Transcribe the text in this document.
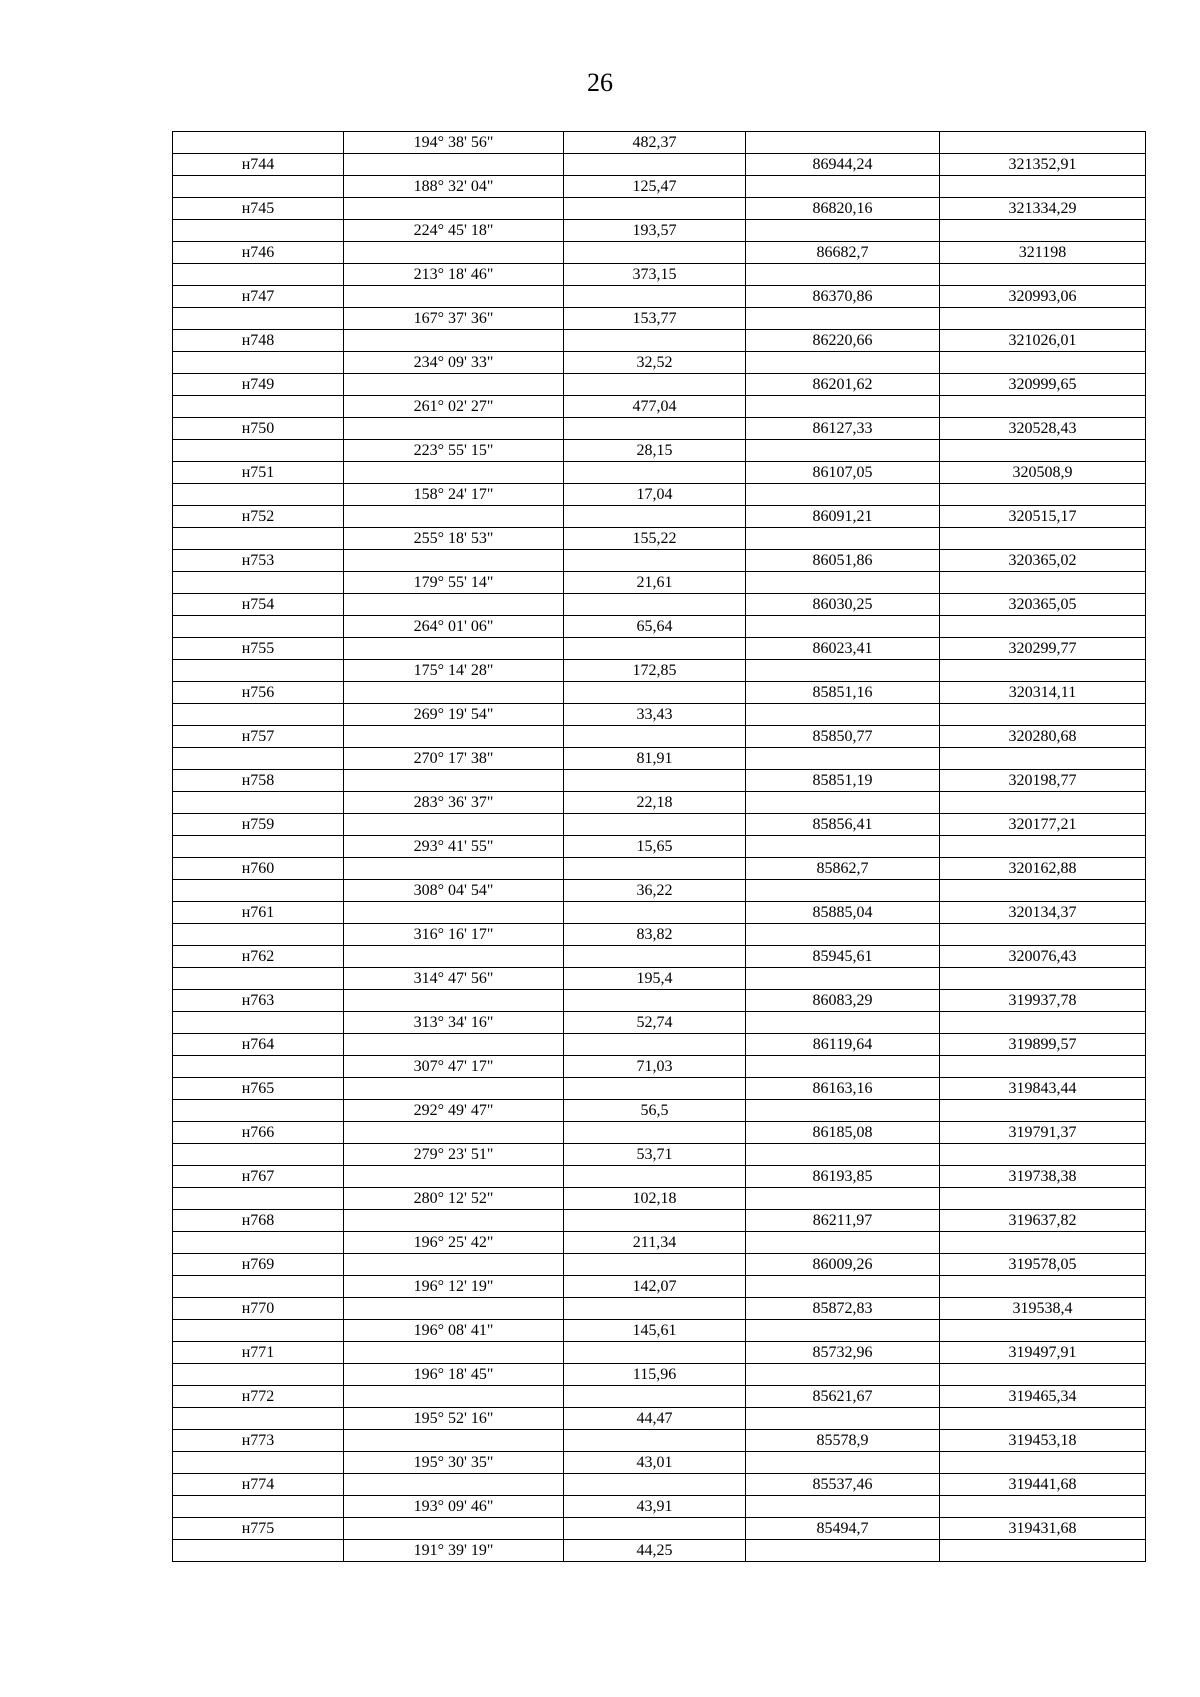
26
	194° 38' 56"	482,37		
н744			86944,24	321352,91
	188° 32' 04"	125,47		
н745			86820,16	321334,29
	224° 45' 18"	193,57		
н746			86682,7	321198
	213° 18' 46"	373,15		
н747			86370,86	320993,06
	167° 37' 36"	153,77		
н748			86220,66	321026,01
	234° 09' 33"	32,52		
н749			86201,62	320999,65
	261° 02' 27"	477,04		
н750			86127,33	320528,43
	223° 55' 15"	28,15		
н751			86107,05	320508,9
	158° 24' 17"	17,04		
н752			86091,21	320515,17
	255° 18' 53"	155,22		
н753			86051,86	320365,02
	179° 55' 14"	21,61		
н754			86030,25	320365,05
	264° 01' 06"	65,64		
н755			86023,41	320299,77
	175° 14' 28"	172,85		
н756			85851,16	320314,11
	269° 19' 54"	33,43		
н757			85850,77	320280,68
	270° 17' 38"	81,91		
н758			85851,19	320198,77
	283° 36' 37"	22,18		
н759			85856,41	320177,21
	293° 41' 55"	15,65		
н760			85862,7	320162,88
	308° 04' 54"	36,22		
н761			85885,04	320134,37
	316° 16' 17"	83,82		
н762			85945,61	320076,43
	314° 47' 56"	195,4		
н763			86083,29	319937,78
	313° 34' 16"	52,74		
н764			86119,64	319899,57
	307° 47' 17"	71,03		
н765			86163,16	319843,44
	292° 49' 47"	56,5		
н766			86185,08	319791,37
	279° 23' 51"	53,71		
н767			86193,85	319738,38
	280° 12' 52"	102,18		
н768			86211,97	319637,82
	196° 25' 42"	211,34		
н769			86009,26	319578,05
	196° 12' 19"	142,07		
н770			85872,83	319538,4
	196° 08' 41"	145,61		
н771			85732,96	319497,91
	196° 18' 45"	115,96		
н772			85621,67	319465,34
	195° 52' 16"	44,47		
н773			85578,9	319453,18
	195° 30' 35"	43,01		
н774			85537,46	319441,68
	193° 09' 46"	43,91		
н775			85494,7	319431,68
	191° 39' 19"	44,25		
